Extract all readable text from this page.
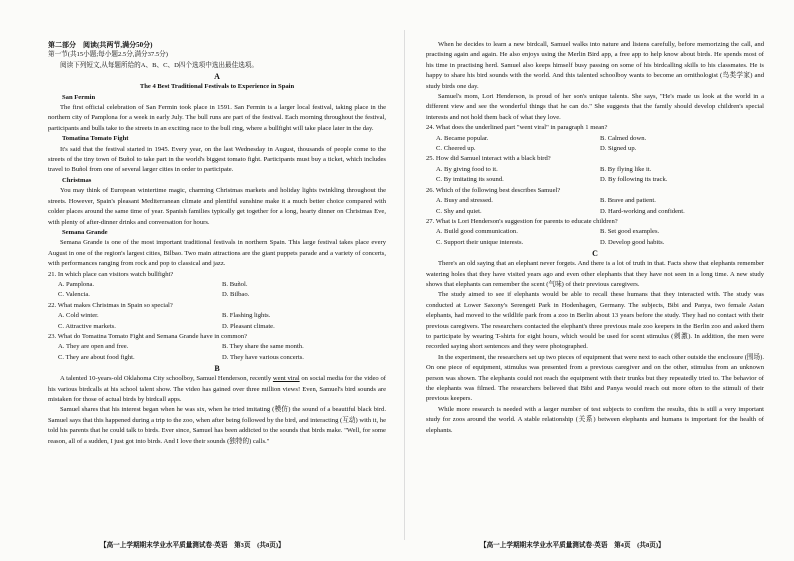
第二部分　阅读(共两节,满分50分)

第一节(共15小题;每小题2.5分,满分37.5分)

阅读下列短文,从每题所给的A、B、C、D四个选项中选出最佳选项。

A

The 4 Best Traditional Festivals to Experience in Spain

San Fermin

The first official celebration of San Fermin took place in 1591. San Fermin is a larger local festival, taking place in the northern city of Pamplona for a week in early July. The bull runs are part of the festival. Each morning throughout the festival, participants and bulls take to the streets in an exciting race to the bull ring, where a bullfight will take place later in the day.

Tomatina Tomato Fight

It's said that the festival started in 1945. Every year, on the last Wednesday in August, thousands of people come to the streets of the tiny town of Buñol to take part in the world's biggest tomato fight. Participants must buy a ticket, which includes travel to Buñol from one of several larger cities in order to participate.

Christmas

You may think of European wintertime magic, charming Christmas markets and holiday lights twinkling throughout the streets. However, Spain's pleasant Mediterranean climate and plentiful sunshine make it a much better choice compared with colder places around the same time of year. Spanish families typically get together for a long, hearty dinner on Christmas Eve, with plenty of after-dinner drinks and conversation for hours.

Semana Grande

Semana Grande is one of the most important traditional festivals in northern Spain. This large festival takes place every August in one of the region's largest cities, Bilbao. Two main attractions are the giant puppets parade and a variety of concerts, with performances ranging from rock and pop to classical and jazz.

21. In which place can visitors watch bullfight?

A. Pamplona.	B. Buñol.
C. Valencia.	D. Bilbao.

22. What makes Christmas in Spain so special?

A. Cold winter.	B. Flashing lights.
C. Attractive markets.	D. Pleasant climate.

23. What do Tomatina Tomato Fight and Semana Grande have in common?

A. They are open and free.	B. They share the same month.
C. They are about food fight.	D. They have various concerts.

B

A talented 10-years-old Oklahoma City schoolboy, Samuel Henderson, recently went viral on social media for the video of his various birdcalls at his school talent show. The video has gained over three million views! Even, Samuel's bird sounds are mistaken for those of actual birds by birdcall apps.

Samuel shares that his interest began when he was six, when he tried imitating (模仿) the sound of a beautiful black bird. Samuel says that this happened during a trip to the zoo, when after being followed by the bird, and interacting (互动) with it, he told his parents that he could talk to birds. Ever since, Samuel has been addicted to the sounds that birds make. "Well, for some reason, all of a sudden, I just got into birds. And I love their sounds (独特的) calls."

When he decides to learn a new birdcall, Samuel walks into nature and listens carefully, before memorizing the call, and practising again and again. He also enjoys using the Merlin Bird app, a free app to help know about birds. He spends most of his time in practising herd. Samuel also keeps himself busy passing on some of his birdcalling skills to his classmates. He is happy to share his bird sounds with the world. And this talented schoolboy wants to become an ornithologist (鸟类学家) and study birds one day.

Samuel's mom, Lori Henderson, is proud of her son's unique talents. She says, "He's made us look at the world in a different view and see the wonderful things that he can do." She suggests that the family should develop children's special interests and not hold them back of what they love.

24. What does the underlined part "went viral" in paragraph 1 mean?

A. Became popular.	B. Calmed down.
C. Cheered up.	D. Signed up.

25. How did Samuel interact with a black bird?

A. By giving food to it.	B. By flying like it.
C. By imitating its sound.	D. By following its track.

26. Which of the following best describes Samuel?

A. Busy and stressed.	B. Brave and patient.
C. Shy and quiet.	D. Hard-working and confident.

27. What is Lori Henderson's suggestion for parents to educate children?

A. Build good communication.	B. Set good examples.
C. Support their unique interests.	D. Develop good habits.

C

There's an old saying that an elephant never forgets. And there is a lot of truth in that. Facts show that elephants remember watering holes that they have visited years ago and even other elephants that they have not seen in a long time. A new study shows that elephants can remember the scent (气味) of their previous caregivers.

The study aimed to see if elephants would be able to recall these humans that they interacted with. The study was conducted at Lower Saxony's Serengeti Park in Hodenhagen, Germany. The subjects, Bibi and Panya, two female Asian elephants, had moved to the wildlife park from a zoo in Berlin about 13 years before the study. They had no contact with their previous caregivers. The researchers contacted the elephant's three previous male zoo keepers in the Berlin zoo and asked them to participate by wearing T-shirts for eight hours, which would be used for scent stimulus (刺激). In addition, the men were recorded saying short sentences and they were photographed.

In the experiment, the researchers set up two pieces of equipment that were next to each other outside the enclosure (围场). On one piece of equipment, stimulus was presented from a previous caregiver and on the other, stimulus from an unknown person was shown. The elephants could not reach the equipment with their trunks but they repeatedly tried to. The behavior of the elephants was filmed. The researchers believed that Bibi and Panya would reach out more often to the stimuli of their previous keepers.

While more research is needed with a larger number of test subjects to confirm the results, this is still a very important study for zoos around the world. A stable relationship (关系) between elephants and humans is important for the health of elephants.

【高一上学期期末学业水平质量测试卷·英语　第3页　(共8页)】	【高一上学期期末学业水平质量测试卷·英语　第4页　(共8页)】
